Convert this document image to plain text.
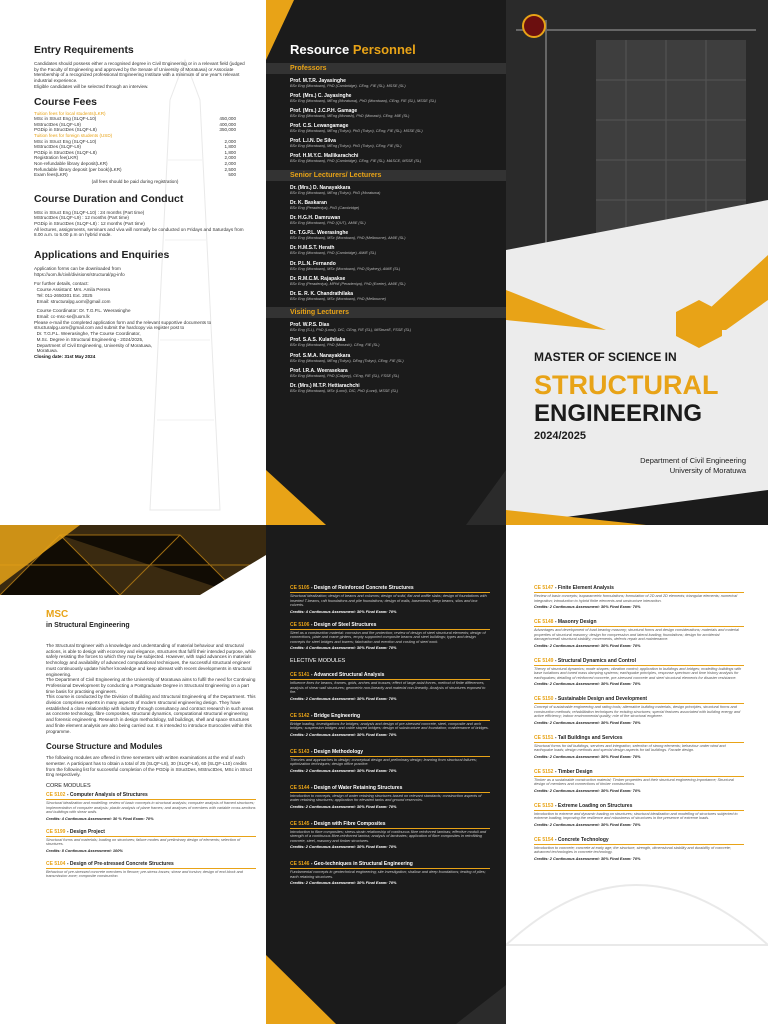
Entry Requirements
Candidates should possess either a recognised degree in Civil Engineering or in a relevant field (judged by the Faculty of Engineering and approved by the Senate of University of Moratuwa) or Associate Membership of a recognized professional Engineering Institute with a minimum of one year's relevant industrial experience.
Eligible candidates will be selected through an interview.
Course Fees
Tuition fees for local students(LKR)
MSc in Struct Eng (SLQF-L10)	450,000
MStructDes (SLQF-L9)	400,000
PGDip in StructDes (SLQF-L8)	350,000
Tuition fees for foreign students (USD)
MSc in Struct Eng (SLQF-L10)	2,000
MStructDes (SLQF-L9)	1,800
PGDip in StructDes (SLQF-L8)	1,800
Registration fee(LKR)	2,000
Non-refundable library deposit(LKR)	2,000
Refundable library deposit (per book)(LKR)	2,500
Exam fees(LKR)	500
(all fees should be paid during registration)
Course Duration and Conduct
MSc in Struct Eng (SLQF-L10) : 24 months (Part time)
MStructDes (SLQF-L9) : 12 months (Part time)
PGDip in StructDes (SLQF-L8) : 12 months (Part time)
All lectures, assignments, seminars and viva will normally be conducted on Fridays and Saturdays from 8.00 a.m. to 5.00 p.m on hybrid mode.
Applications and Enquiries
Application forms can be downloaded from
https://uom.lk/civil/divisions/structural/pg-info
For further details, contact:
Course Assistant: Mrs. Amila Perera
Tel: 011-2650301 Ext. 2025
Email: structuralpg.uom@gmail.com
Course Coordinator: Dr. T.G.P.L. Weerasinghe
Email: cc-msc-se@uom.lk
Please e-mail the completed application form and the relevant supportive documents to structuralpg.uom@gmail.com and submit the hardcopy via register post to
Dr. T.G.P.L. Weerasinghe, The Course Coordinator,
M.Sc. Degree in Structural Engineering - 2024/2025,
Department of Civil Engineering, University of Moratuwa,
Moratuwa.
Closing date: 31st May 2024
Resource Personnel
Professors
Prof. M.T.R. Jayasinghe
BSc Eng (Moratuwa), PhD (Cambridge), CEng, FIE (SL), MSSE (SL)
Prof. (Mrs.) C. Jayasinghe
BSc Eng (Moratuwa), MEng (Moratuwa), PhD (Moratuwa), CEng, FIE (SL), MSSE (SL)
Prof. (Mrs.) J.C.P.H. Gamage
BSc Eng (Moratuwa), MEng (Monash), PhD (Monash), CEng, MIE (SL)
Prof. C.S. Lewangamage
BSc Eng (Moratuwa), MEng (Tokyo), PhD (Tokyo), CEng, FIE (SL), MSSE (SL)
Prof. L.I.N. De Silva
BSc Eng (Moratuwa), MEng (Tokyo), PhD (Tokyo), CEng, FIE (SL)
Prof. H.M.Y.C. Mallikarachchi
BSc Eng (Moratuwa), PhD (Cambridge), CEng, FIE (SL), MASCE, MSSE (SL)
Senior Lecturers/ Lecturers
Dr. (Mrs.) D. Nanayakkara
BSc Eng (Moratuwa), MEng (Tokyo), PhD (Moratuwa)
Dr. K. Baskaran
BSc Eng (Peradeniya), PhD (Cambridge)
Dr. H.G.H. Damruwan
BSc Eng (Moratuwa), PhD (QUT), AMIE (SL)
Dr. T.G.P.L. Weerasinghe
BSc Eng (Moratuwa), MSc (Moratuwa), PhD (Melbourne), AMIE (SL)
Dr. H.M.S.T. Herath
BSc Eng (Moratuwa), PhD (Cambridge), AMIE (SL)
Dr. P.L.N. Fernando
BSc Eng (Moratuwa), MSc (Moratuwa), PhD (Sydney), AMIE (SL)
Dr. R.M.C.M. Rajapakse
BSc Eng (Peradeniya), MPhil (Peradeniya), PhD (Exeter), AMIE (SL)
Dr. E. R. K. Chandrathilaka
BSc Eng (Moratuwa), MSc (Moratuwa), PhD (Melbourne)
Visiting Lecturers
Prof. W.P.S. Dias
BSc Eng (S.L), PhD (Lond), DIC, CEng, FIE (SL), MIStructE, FSSE (SL)
Prof. S.A.S. Kulathilaka
BSc Eng (Moratuwa), PhD (Monash), CEng, FIE (SL)
Prof. S.M.A. Nanayakkara
BSc Eng (Moratuwa), MEng (Tokyo), DEng (Tokyo), CEng, FIE (SL)
Prof. I.R.A. Weerasekara
BSc Eng (Moratuwa), PhD (Calgary), CEng, FIE (SL), FSSE (SL)
Dr. (Mrs.) M.T.P. Hettiarachchi
BSc Eng (Moratuwa), MSc (Lond), DIC, PhD (Lond), MSSE (SL)
MASTER OF SCIENCE IN
STRUCTURAL
ENGINEERING
2024/2025
Department of Civil Engineering
University of Moratuwa
MSC
in Structural Engineering
The Structural Engineer with a knowledge and understanding of material behaviour and structural actions, is able to design with economy and elegance, structures that fulfil their intended purpose, while safely resisting the forces to which they may be subjected. However, with rapid advances in materials technology and availability of advanced computational techniques, the successful structural engineer must continuously update his/her knowledge and keep abreast with recent developments in structural engineering.
The Department of Civil Engineering at the University of Moratuwa aims to fulfil the need for Continuing Professional Development by conducting a Postgraduate Degree in Structural Engineering on a part time basis for practising engineers.
This course is conducted by the Division of Building and Structural Engineering of the Department. This division comprises experts in many aspects of modern structural engineering design. They have established a close relationship with industry through consultancy and contract research in such areas as concrete technology, fibre composites, structural dynamics, computational structural engineering and forensic engineering. Research in design methodology, tall buildings, shell and space structures and finite element analysis are also being carried out. It is intended to introduce Eurocodes within this programme.
Course Structure and Modules
The following modules are offered in three semesters with written examinations at the end of each semester. A participant has to obtain a total of 25 (SLQF-L8), 30 (SLQF-L9), 60 (SLQF-L10) credits from the following list for successful completion of the PGDip in StructDes, MStructDes, MSc in Struct Eng respectively.
CORE MODULES
CE 5102 - Computer Analysis of Structures
Structural idealization and modelling: review of basic concepts in structural analysis; computer analysis of framed structures; implementation of computer analysis: plastic analysis of plane frames; and analyses of members with variable cross-sections and buildings with shear walls.
Credits: 4 Continuous Assessment: 30 % Final Exam: 70%
CE 5199 - Design Project
Structural forms and materials; loading on structures; failure modes and preliminary design of elements; selection of structures.
Credits: 8 Continuous Assessment: 100%
CE 5104 - Design of Pre-stressed Concrete Structures
Behaviour of pre-stressed concrete members in flexure; pre-stress losses; shear and torsion; design of end block and transmission zone; composite construction.
CE 5105 - Design of Reinforced Concrete Structures
Structural idealization; design of beams and columns; design of solid, flat and waffle slabs; design of foundations with inserted T-beams, raft foundations and pile foundations; design of walls, basements, deep beams, silos and box culverts.
Credits: 4 Continuous Assessment: 30% Final Exam: 70%
CE 5106 - Design of Steel Structures
Steel as a construction material: corrosion and fire protection; review of design of steel structural elements; design of connections, plate and crane girders, empty supported composite beams and steel buildings; types and design concepts for steel bridges and towers; fabrication and erection and costing of steel work.
Credits: 4 Continuous Assessment: 30% Final Exam: 70%
ELECTIVE MODULES
CE 5141 - Advanced Structural Analysis
Influence lines for beams, frames, grids, arches and trusses; effect of large axial forces, method of finite differences, analysis of shear wall structures; geometric non-linearity and material non-linearity. Analysis of structures exposed to fire.
Credits: 2 Continuous Assessment: 30% Final Exam: 70%
CE 5142 - Bridge Engineering
Bridge loading, investigations for bridges; analysis and design of pre-stressed concrete, steel, composite and arch bridges; suspension bridges and cable stayed bridges; design of substructure and foundation; maintenance of bridges.
Credits: 2 Continuous Assessment: 30% Final Exam: 70%
CE 5143 - Design Methodology
Theories and approaches to design; conceptual design and preliminary design; learning from structural failures; optimization techniques; design office practice.
Credits: 2 Continuous Assessment: 30% Final Exam: 70%
CE 5144 - Design of Water Retaining Structures
Introduction to concepts, design of water retaining structures based on relevant standards; construction aspects of water retaining structures; application for elevated tanks and ground reservoirs.
Credits: 2 Continuous Assessment: 30% Final Exam: 70%
CE 5145 - Design with Fibre Composites
Introduction to fibre composites; stress-strain relationship of continuous fibre reinforced laminas; effective moduli and strength of a continuous fibre-reinforced lamina; analysis of laminates; application of fibre composites in retrofitting concrete, steel, masonry and timber structures.
Credits: 2 Continuous Assessment: 30% Final Exam: 70%
CE 5146 - Geo-techniques in Structural Engineering
Fundamental concepts in geotechnical engineering; site investigation; shallow and deep foundations; testing of piles; earth retaining structures.
Credits: 2 Continuous Assessment: 30% Final Exam: 70%
CE 5147 - Finite Element Analysis
Review of basic concepts; isoparametric formulations; formulation of 2D and 2D elements; triangular elements; numerical integration; introduction to hybrid finite elements and unstructure interaction.
Credits: 2 Continuous Assessment: 30% Final Exam: 70%
CE 5148 - Masonry Design
Advantages and development of load bearing masonry; structural forms and design considerations; materials and material properties of structural masonry; design for compression and lateral loading; foundations; design for accidental damage/overall structural stability; movements, defects repair and maintenance.
Credits: 2 Continuous Assessment: 30% Final Exam: 70%
CE 5149 - Structural Dynamics and Control
Theory of structural dynamics; mode shapes; vibration control; application to buildings and bridges; modelling buildings with base isolations and tuned mass damping systems; earthquake principles, response spectrum and time history analysis for earthquakes; detailing of reinforced concrete, pre-stressed concrete and steel structural elements for disaster resistance.
Credits: 2 Continuous Assessment: 30% Final Exam: 70%
CE 5150 - Sustainable Design and Development
Concept of sustainable engineering and rating tools; alternative building materials, design principles, structural forms and construction methods; rehabilitation techniques for existing structures; special features associated with building energy and active efficiency; indoor environmental quality; role of the structural engineer.
Credits: 2 Continuous Assessment: 30% Final Exam: 70%
CE 5151 - Tall Buildings and Services
Structural forms for tall buildings, services and integration, selection of strong elements; behaviour under wind and earthquake loads; design methods and special design aspects for tall buildings. Facade design.
Credits: 2 Continuous Assessment: 30% Final Exam: 70%
CE 5152 - Timber Design
Timber as a sustainable construction material; Timber properties and their structural engineering importance; Structural design of members and connections of timber constructions.
Credits: 2 Continuous Assessment: 30% Final Exam: 70%
CE 5153 - Extreme Loading on Structures
Introduction to extreme and dynamic loading on structures; structural idealization and modelling of structures subjected to extreme loading; improving the resilience and robustness of structures in the presence of extreme loads.
Credits: 2 Continuous Assessment: 30% Final Exam: 70%
CE 5154 - Concrete Technology
Introduction to concrete; concrete at early age; the structure, strength, dimensional stability and durability of concrete; advanced technologies in concrete technology.
Credits: 2 Continuous Assessment: 30% Final Exam: 70%
